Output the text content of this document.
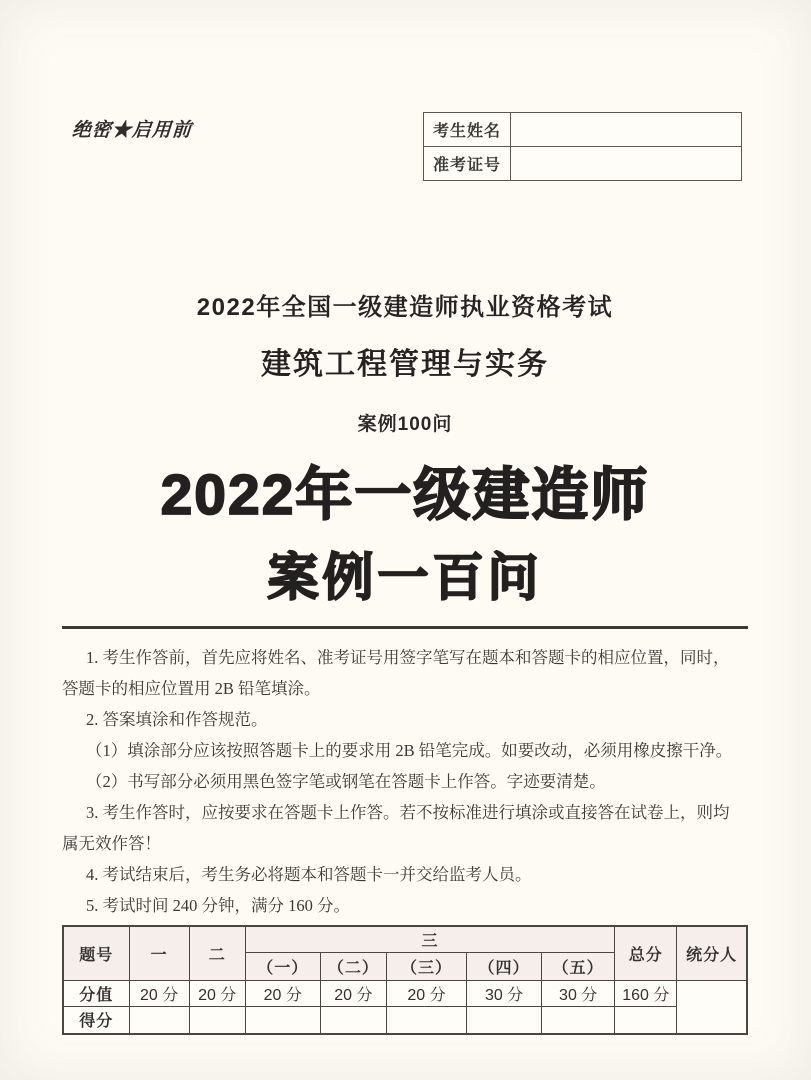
绝密★启用前	考生姓名	
准考证号	
2022年全国一级建造师执业资格考试
建筑工程管理与实务
案例100问
2022年一级建造师
案例一百问
1. 考生作答前，首先应将姓名、准考证号用签字笔写在题本和答题卡的相应位置，同时，
答题卡的相应位置用 2B 铅笔填涂。
2. 答案填涂和作答规范。
（1）填涂部分应该按照答题卡上的要求用 2B 铅笔完成。如要改动，必须用橡皮擦干净。
（2）书写部分必须用黑色签字笔或钢笔在答题卡上作答。字迹要清楚。
3. 考生作答时，应按要求在答题卡上作答。若不按标准进行填涂或直接答在试卷上，则均
属无效作答！
4. 考试结束后，考生务必将题本和答题卡一并交给监考人员。
5. 考试时间 240 分钟，满分 160 分。
题号	一	二	三					总分	统分人
			（一）	（二）	（三）	（四）	（五）		
分值	20 分	20 分	20 分	20 分	20 分	30 分	30 分	160 分	
得分									
